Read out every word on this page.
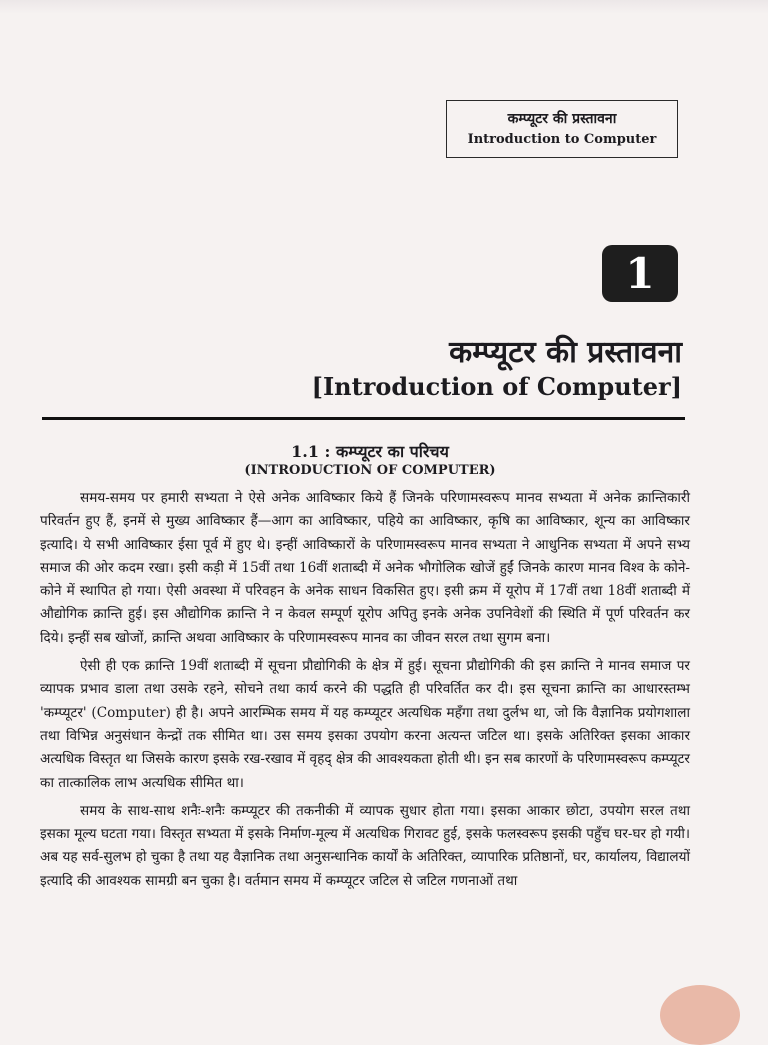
कम्प्यूटर की प्रस्तावना
Introduction to Computer
1
कम्प्यूटर की प्रस्तावना
[Introduction of Computer]
1.1 : कम्प्यूटर का परिचय
(INTRODUCTION OF COMPUTER)

समय-समय पर हमारी सभ्यता ने ऐसे अनेक आविष्कार किये हैं जिनके परिणामस्वरूप मानव सभ्यता में अनेक क्रान्तिकारी परिवर्तन हुए हैं, इनमें से मुख्य आविष्कार हैं—आग का आविष्कार, पहिये का आविष्कार, कृषि का आविष्कार, शून्य का आविष्कार इत्यादि। ये सभी आविष्कार ईसा पूर्व में हुए थे। इन्हीं आविष्कारों के परिणामस्वरूप मानव सभ्यता ने आधुनिक सभ्यता में अपने सभ्य समाज की ओर कदम रखा। इसी कड़ी में 15वीं तथा 16वीं शताब्दी में अनेक भौगोलिक खोजें हुईं जिनके कारण मानव विश्व के कोने-कोने में स्थापित हो गया। ऐसी अवस्था में परिवहन के अनेक साधन विकसित हुए। इसी क्रम में यूरोप में 17वीं तथा 18वीं शताब्दी में औद्योगिक क्रान्ति हुई। इस औद्योगिक क्रान्ति ने न केवल सम्पूर्ण यूरोप अपितु इनके अनेक उपनिवेशों की स्थिति में पूर्ण परिवर्तन कर दिये। इन्हीं सब खोजों, क्रान्ति अथवा आविष्कार के परिणामस्वरूप मानव का जीवन सरल तथा सुगम बना।

ऐसी ही एक क्रान्ति 19वीं शताब्दी में सूचना प्रौद्योगिकी के क्षेत्र में हुई। सूचना प्रौद्योगिकी की इस क्रान्ति ने मानव समाज पर व्यापक प्रभाव डाला तथा उसके रहने, सोचने तथा कार्य करने की पद्धति ही परिवर्तित कर दी। इस सूचना क्रान्ति का आधारस्तम्भ 'कम्प्यूटर' (Computer) ही है। अपने आरम्भिक समय में यह कम्प्यूटर अत्यधिक महँगा तथा दुर्लभ था, जो कि वैज्ञानिक प्रयोगशाला तथा विभिन्न अनुसंधान केन्द्रों तक सीमित था। उस समय इसका उपयोग करना अत्यन्त जटिल था। इसके अतिरिक्त इसका आकार अत्यधिक विस्तृत था जिसके कारण इसके रख-रखाव में वृहद् क्षेत्र की आवश्यकता होती थी। इन सब कारणों के परिणामस्वरूप कम्प्यूटर का तात्कालिक लाभ अत्यधिक सीमित था।

समय के साथ-साथ शनैः-शनैः कम्प्यूटर की तकनीकी में व्यापक सुधार होता गया। इसका आकार छोटा, उपयोग सरल तथा इसका मूल्य घटता गया। विस्तृत सभ्यता में इसके निर्माण-मूल्य में अत्यधिक गिरावट हुई, इसके फलस्वरूप इसकी पहुँच घर-घर हो गयी। अब यह सर्व-सुलभ हो चुका है तथा यह वैज्ञानिक तथा अनुसन्धानिक कार्यों के अतिरिक्त, व्यापारिक प्रतिष्ठानों, घर, कार्यालय, विद्यालयों इत्यादि की आवश्यक सामग्री बन चुका है। वर्तमान समय में कम्प्यूटर जटिल से जटिल गणनाओं तथा
